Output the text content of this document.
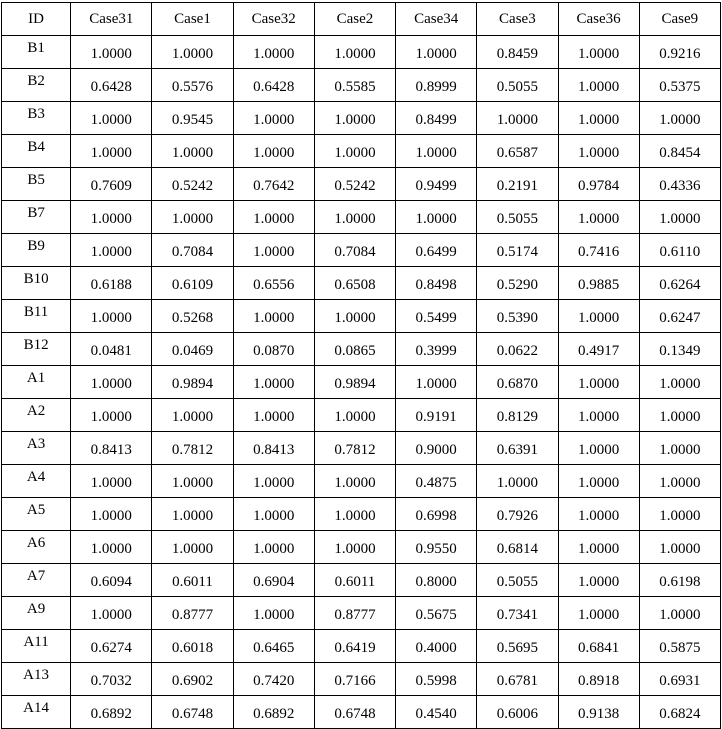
ID	Case31	Case1	Case32	Case2	Case34	Case3	Case36	Case9
B1	1.0000	1.0000	1.0000	1.0000	1.0000	0.8459	1.0000	0.9216
B2	0.6428	0.5576	0.6428	0.5585	0.8999	0.5055	1.0000	0.5375
B3	1.0000	0.9545	1.0000	1.0000	0.8499	1.0000	1.0000	1.0000
B4	1.0000	1.0000	1.0000	1.0000	1.0000	0.6587	1.0000	0.8454
B5	0.7609	0.5242	0.7642	0.5242	0.9499	0.2191	0.9784	0.4336
B7	1.0000	1.0000	1.0000	1.0000	1.0000	0.5055	1.0000	1.0000
B9	1.0000	0.7084	1.0000	0.7084	0.6499	0.5174	0.7416	0.6110
B10	0.6188	0.6109	0.6556	0.6508	0.8498	0.5290	0.9885	0.6264
B11	1.0000	0.5268	1.0000	1.0000	0.5499	0.5390	1.0000	0.6247
B12	0.0481	0.0469	0.0870	0.0865	0.3999	0.0622	0.4917	0.1349
A1	1.0000	0.9894	1.0000	0.9894	1.0000	0.6870	1.0000	1.0000
A2	1.0000	1.0000	1.0000	1.0000	0.9191	0.8129	1.0000	1.0000
A3	0.8413	0.7812	0.8413	0.7812	0.9000	0.6391	1.0000	1.0000
A4	1.0000	1.0000	1.0000	1.0000	0.4875	1.0000	1.0000	1.0000
A5	1.0000	1.0000	1.0000	1.0000	0.6998	0.7926	1.0000	1.0000
A6	1.0000	1.0000	1.0000	1.0000	0.9550	0.6814	1.0000	1.0000
A7	0.6094	0.6011	0.6904	0.6011	0.8000	0.5055	1.0000	0.6198
A9	1.0000	0.8777	1.0000	0.8777	0.5675	0.7341	1.0000	1.0000
A11	0.6274	0.6018	0.6465	0.6419	0.4000	0.5695	0.6841	0.5875
A13	0.7032	0.6902	0.7420	0.7166	0.5998	0.6781	0.8918	0.6931
A14	0.6892	0.6748	0.6892	0.6748	0.4540	0.6006	0.9138	0.6824
